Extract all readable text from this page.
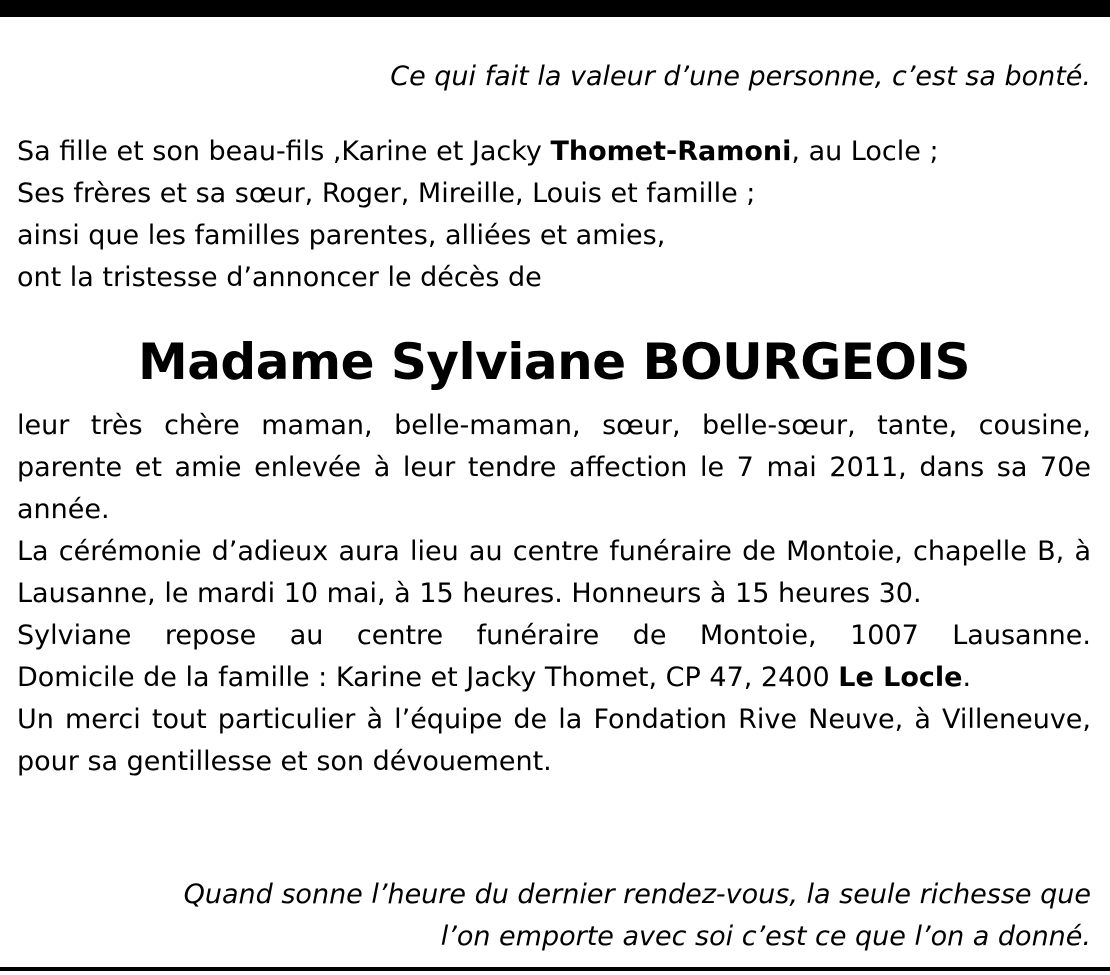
Ce qui fait la valeur d’une personne, c’est sa bonté.
Sa fille et son beau-fils ,Karine et Jacky Thomet-Ramoni, au Locle ;
Ses frères et sa sœur, Roger, Mireille, Louis et famille ;
ainsi que les familles parentes, alliées et amies,
ont la tristesse d’annoncer le décès de
Madame Sylviane BOURGEOIS

leur très chère maman, belle-maman, sœur, belle-sœur, tante, cousine, parente et amie enlevée à leur tendre affection le 7 mai 2011, dans sa 70e année.

La cérémonie d’adieux aura lieu au centre funéraire de Montoie, chapelle B, à Lausanne, le mardi 10 mai, à 15 heures. Honneurs à 15 heures 30.

Sylviane repose au centre funéraire de Montoie, 1007 Lausanne.

Domicile de la famille : Karine et Jacky Thomet, CP 47, 2400 Le Locle.

Un merci tout particulier à l’équipe de la Fondation Rive Neuve, à Villeneuve, pour sa gentillesse et son dévouement.

Quand sonne l’heure du dernier rendez-vous, la seule richesse que
l’on emporte avec soi c’est ce que l’on a donné.
